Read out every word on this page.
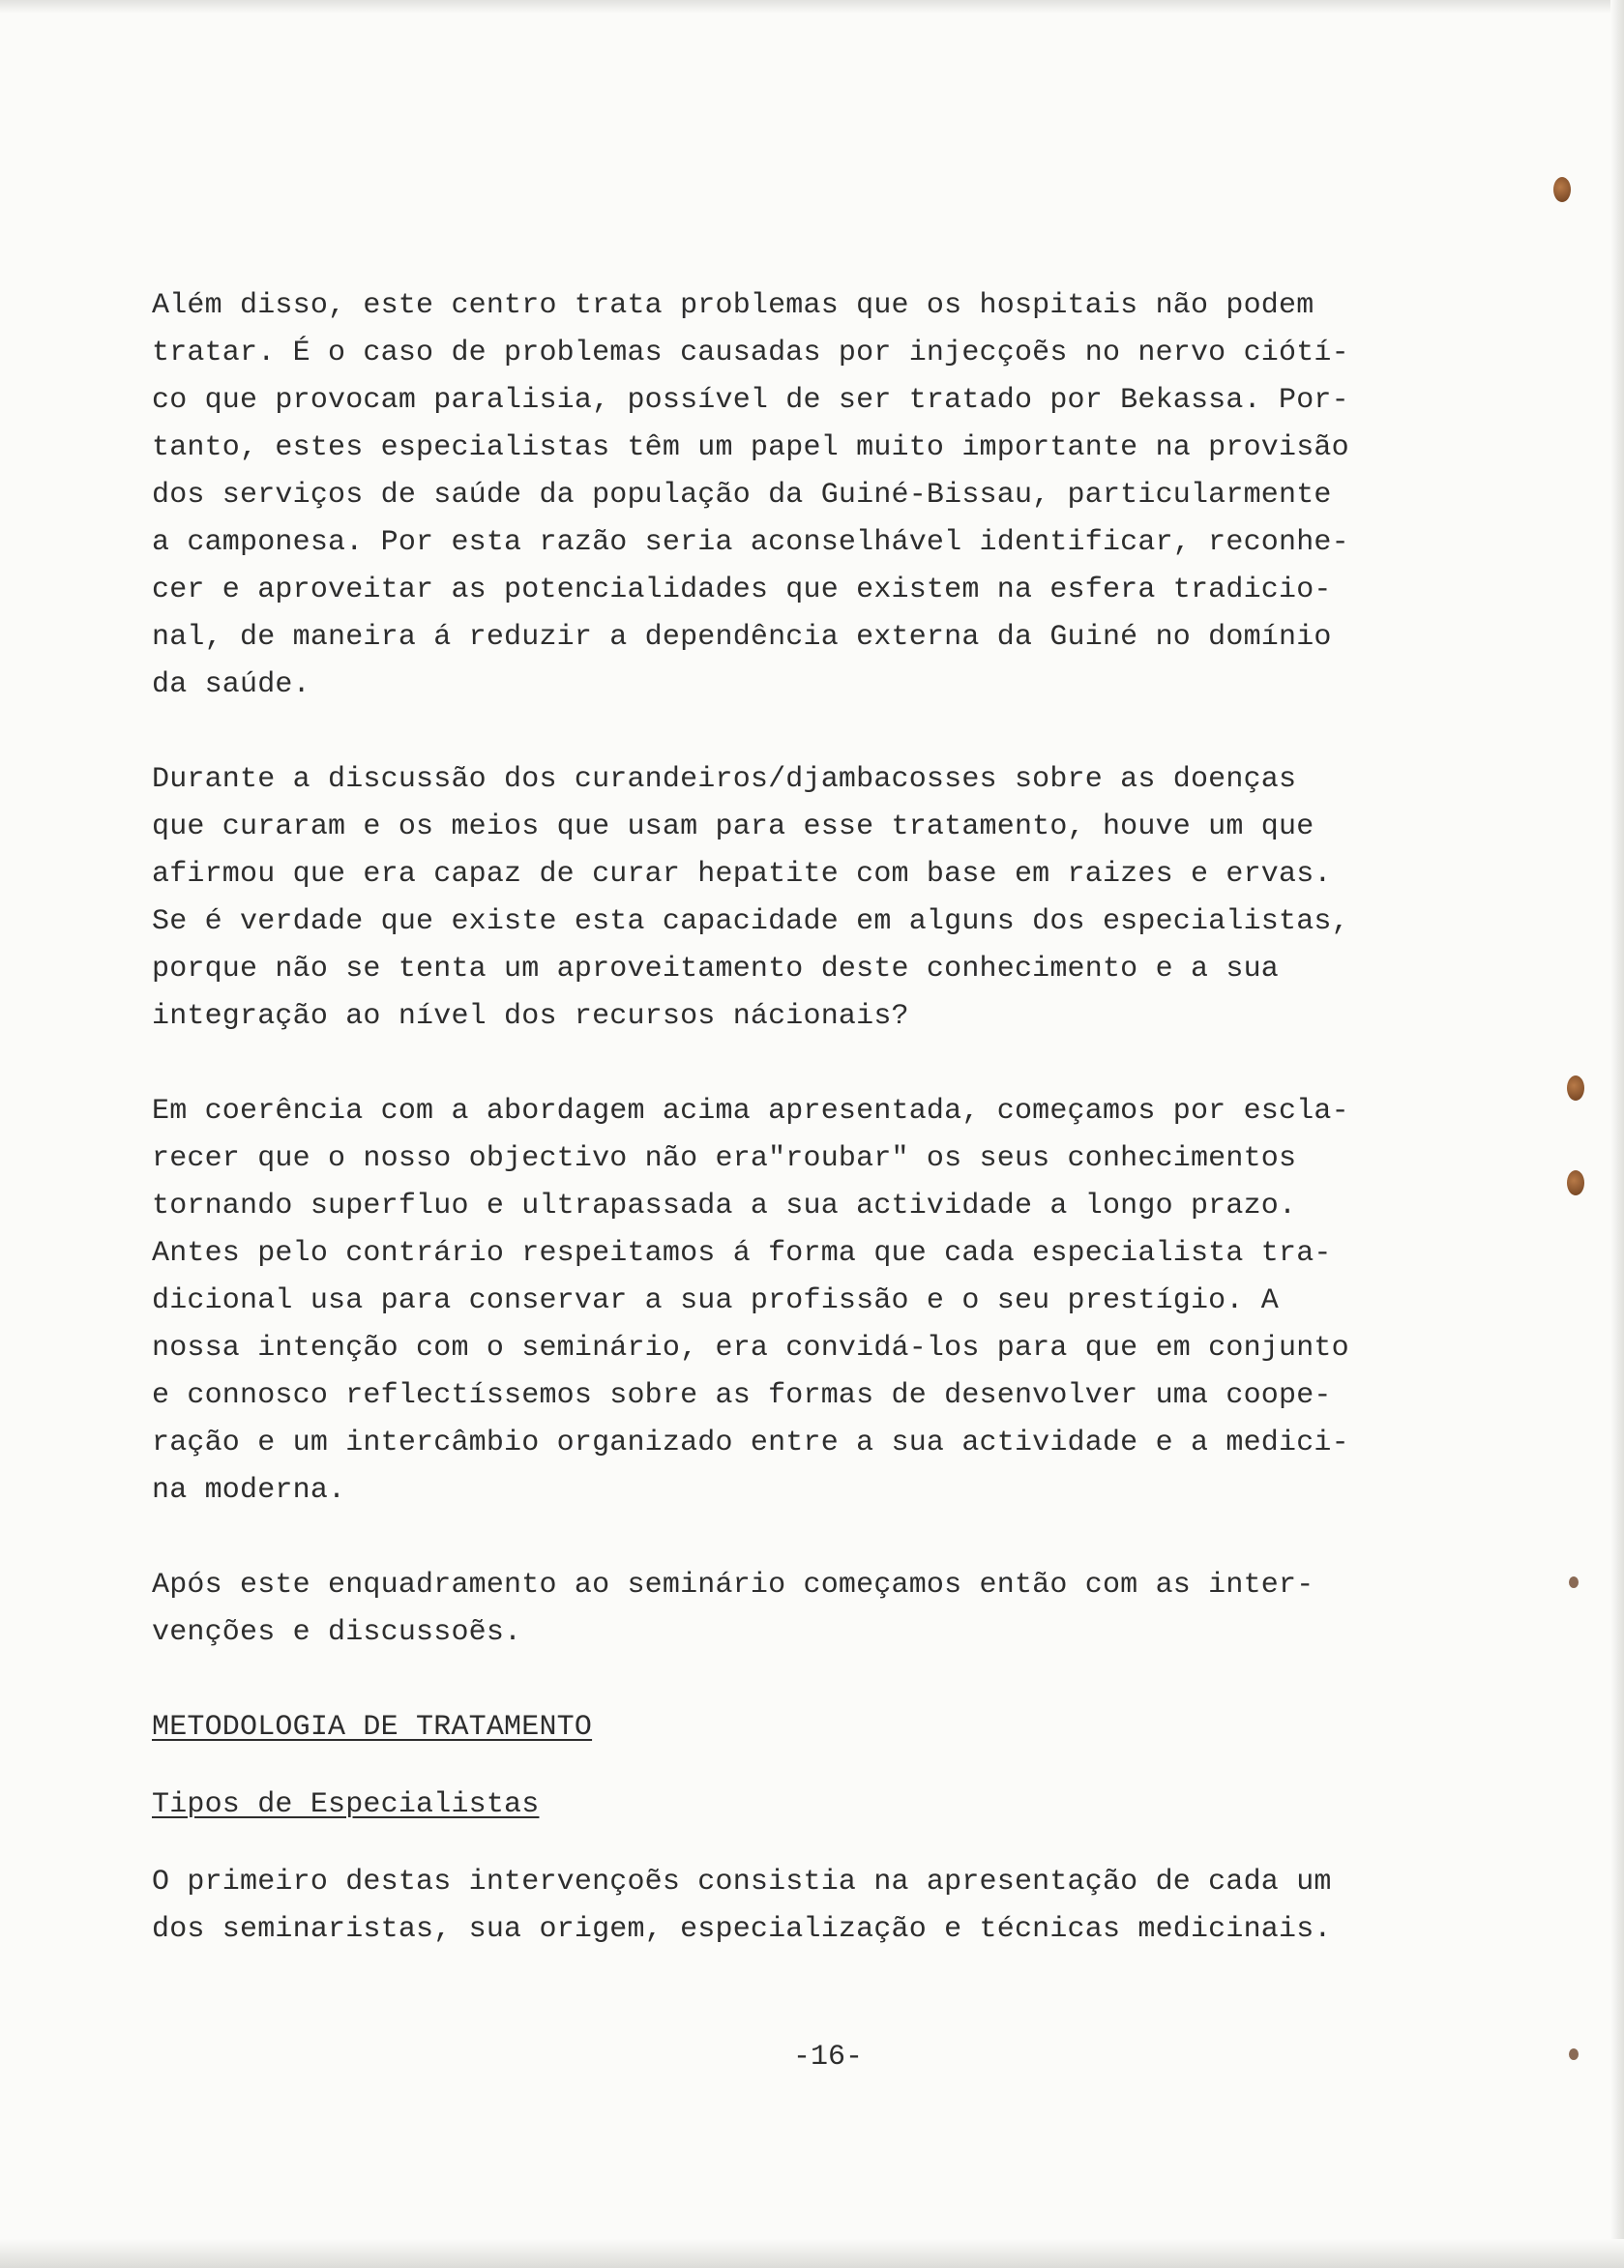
Além disso, este centro trata problemas que os hospitais não podem
tratar. É o caso de problemas causadas por injecçoẽs no nervo ciótí-
co que provocam paralisia, possível de ser tratado por Bekassa. Por-
tanto, estes especialistas têm um papel muito importante na provisão
dos serviços de saúde da população da Guiné-Bissau, particularmente
a camponesa. Por esta razão seria aconselhável identificar, reconhe-
cer e aproveitar as potencialidades que existem na esfera tradicio-
nal, de maneira á reduzir a dependência externa da Guiné no domínio
da saúde.

Durante a discussão dos curandeiros/djambacosses sobre as doenças
que curaram e os meios que usam para esse tratamento, houve um que
afirmou que era capaz de curar hepatite com base em raizes e ervas.
Se é verdade que existe esta capacidade em alguns dos especialistas,
porque não se tenta um aproveitamento deste conhecimento e a sua
integração ao nível dos recursos nácionais?

Em coerência com a abordagem acima apresentada, começamos por escla-
recer que o nosso objectivo não era"roubar" os seus conhecimentos
tornando superfluo e ultrapassada a sua actividade a longo prazo.
Antes pelo contrário respeitamos á forma que cada especialista tra-
dicional usa para conservar a sua profissão e o seu prestígio. A
nossa intenção com o seminário, era convidá-los para que em conjunto
e connosco reflectíssemos sobre as formas de desenvolver uma coope-
ração e um intercâmbio organizado entre a sua actividade e a medici-
na moderna.

Após este enquadramento ao seminário começamos então com as inter-
venções e discussoẽs.

METODOLOGIA DE TRATAMENTO
Tipos de Especialistas

O primeiro destas intervençoẽs consistia na apresentação de cada um
dos seminaristas, sua origem, especialização e técnicas medicinais.

-16-
